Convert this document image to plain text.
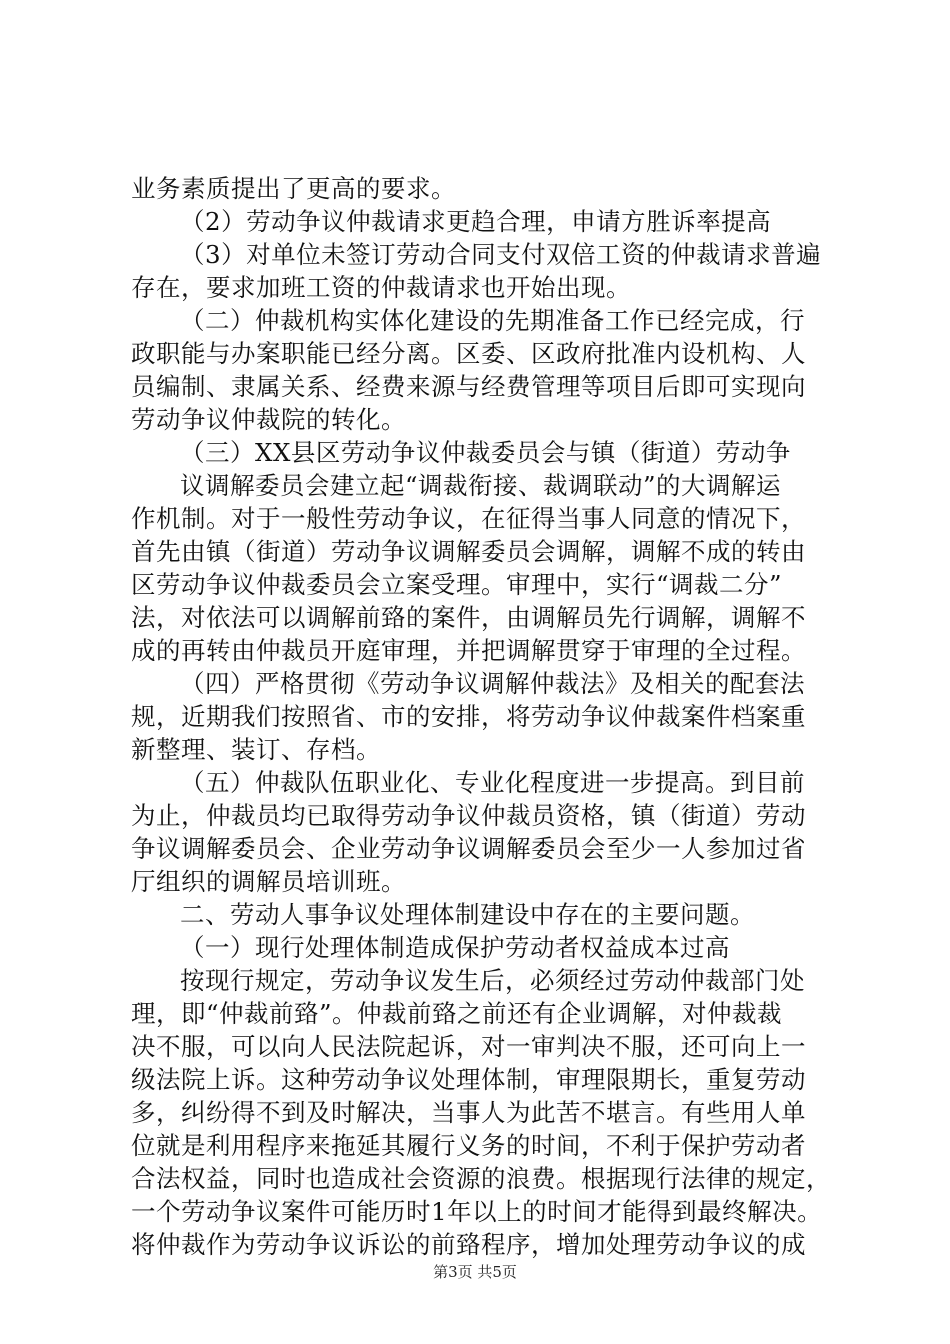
业务素质提出了更高的要求。
（2）劳动争议仲裁请求更趋合理，申请方胜诉率提高
（3）对单位未签订劳动合同支付双倍工资的仲裁请求普遍
存在，要求加班工资的仲裁请求也开始出现。
（二）仲裁机构实体化建设的先期准备工作已经完成，行
政职能与办案职能已经分离。区委、区政府批准内设机构、人
员编制、隶属关系、经费来源与经费管理等项目后即可实现向
劳动争议仲裁院的转化。
（三）XX县区劳动争议仲裁委员会与镇（街道）劳动争
议调解委员会建立起“调裁衔接、裁调联动”的大调解运
作机制。对于一般性劳动争议，在征得当事人同意的情况下，
首先由镇（街道）劳动争议调解委员会调解，调解不成的转由
区劳动争议仲裁委员会立案受理。审理中，实行“调裁二分”
法，对依法可以调解前臵的案件，由调解员先行调解，调解不
成的再转由仲裁员开庭审理，并把调解贯穿于审理的全过程。
（四）严格贯彻《劳动争议调解仲裁法》及相关的配套法
规，近期我们按照省、市的安排，将劳动争议仲裁案件档案重
新整理、装订、存档。
（五）仲裁队伍职业化、专业化程度进一步提高。到目前
为止，仲裁员均已取得劳动争议仲裁员资格，镇（街道）劳动
争议调解委员会、企业劳动争议调解委员会至少一人参加过省
厅组织的调解员培训班。
二、劳动人事争议处理体制建设中存在的主要问题。
（一）现行处理体制造成保护劳动者权益成本过高
按现行规定，劳动争议发生后，必须经过劳动仲裁部门处
理，即“仲裁前臵”。仲裁前臵之前还有企业调解，对仲裁裁
决不服，可以向人民法院起诉，对一审判决不服，还可向上一
级法院上诉。这种劳动争议处理体制，审理限期长，重复劳动
多，纠纷得不到及时解决，当事人为此苦不堪言。有些用人单
位就是利用程序来拖延其履行义务的时间，不利于保护劳动者
合法权益，同时也造成社会资源的浪费。根据现行法律的规定，
一个劳动争议案件可能历时1年以上的时间才能得到最终解决。
将仲裁作为劳动争议诉讼的前臵程序，增加处理劳动争议的成
第3页 共5页
